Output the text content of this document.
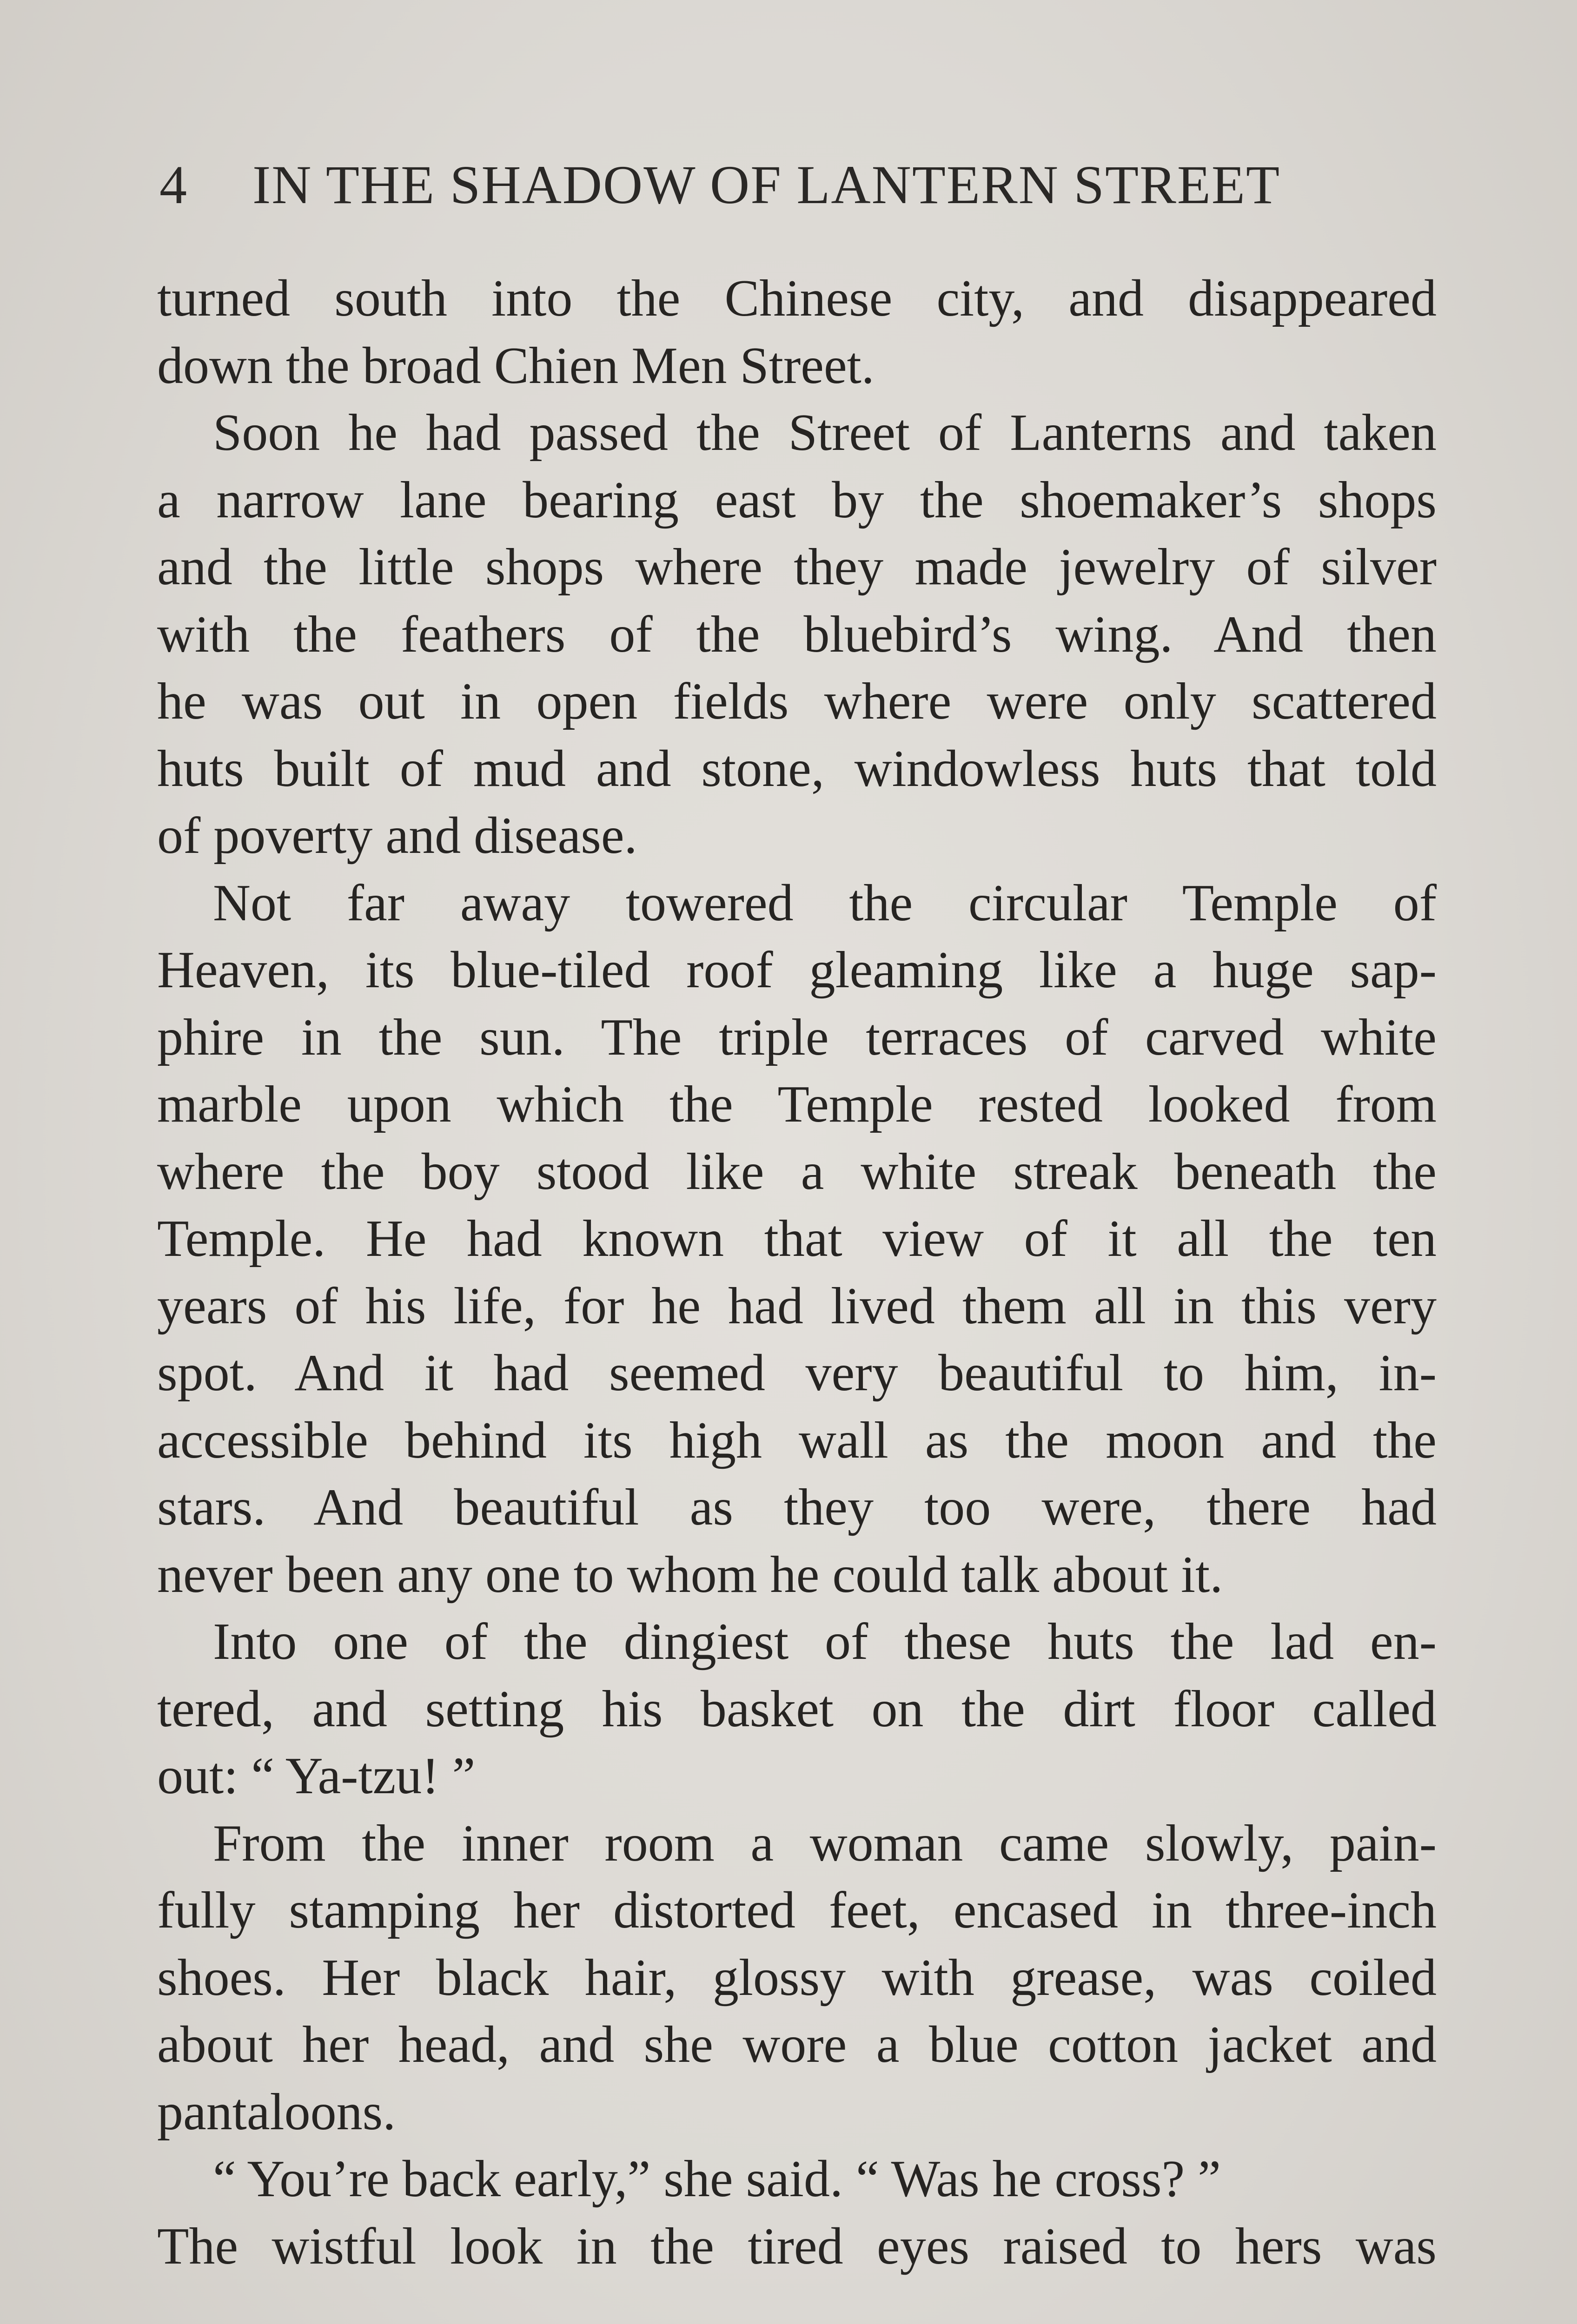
4	IN THE SHADOW OF LANTERN STREET
turned south into the Chinese city, and disappeared
down the broad Chien Men Street.
Soon he had passed the Street of Lanterns and taken
a narrow lane bearing east by the shoemaker’s shops
and the little shops where they made jewelry of silver
with the feathers of the bluebird’s wing. And then
he was out in open fields where were only scattered
huts built of mud and stone, windowless huts that told
of poverty and disease.
Not far away towered the circular Temple of
Heaven, its blue-tiled roof gleaming like a huge sap-
phire in the sun. The triple terraces of carved white
marble upon which the Temple rested looked from
where the boy stood like a white streak beneath the
Temple. He had known that view of it all the ten
years of his life, for he had lived them all in this very
spot. And it had seemed very beautiful to him, in-
accessible behind its high wall as the moon and the
stars. And beautiful as they too were, there had
never been any one to whom he could talk about it.
Into one of the dingiest of these huts the lad en-
tered, and setting his basket on the dirt floor called
out: “ Ya-tzu! ”
From the inner room a woman came slowly, pain-
fully stamping her distorted feet, encased in three-inch
shoes. Her black hair, glossy with grease, was coiled
about her head, and she wore a blue cotton jacket and
pantaloons.
“ You’re back early,” she said. “ Was he cross? ”
The wistful look in the tired eyes raised to hers was
